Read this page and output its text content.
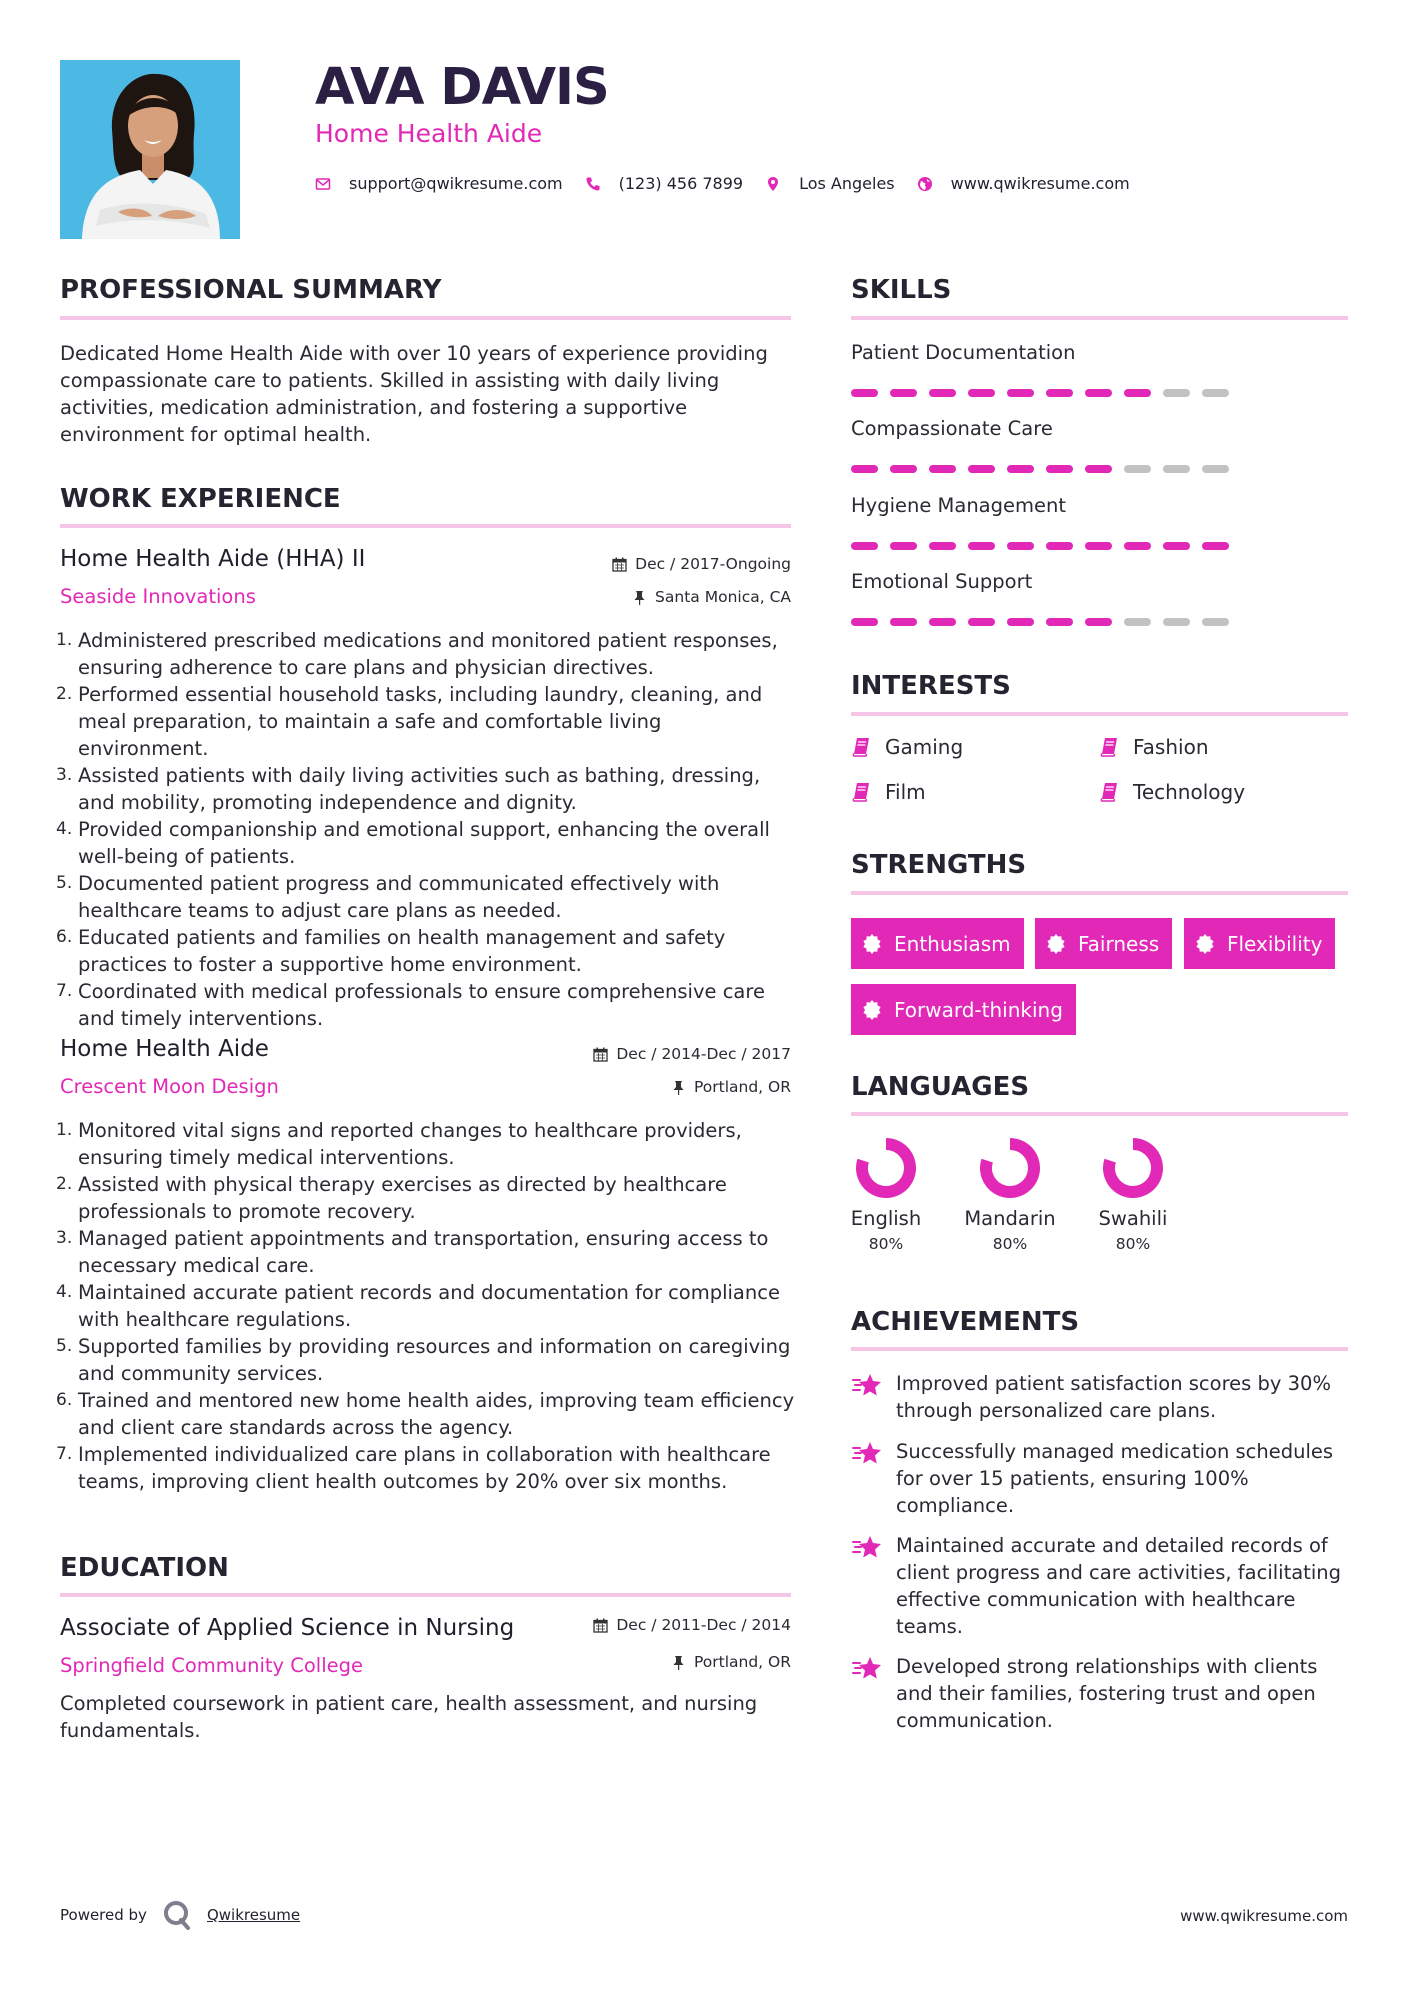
AVA DAVIS
Home Health Aide
support@qwikresume.com	(123) 456 7899	Los Angeles	www.qwikresume.com
PROFESSIONAL SUMMARY
Dedicated Home Health Aide with over 10 years of experience providing compassionate care to patients. Skilled in assisting with daily living activities, medication administration, and fostering a supportive environment for optimal health.
WORK EXPERIENCE
Home Health Aide (HHA) II	Dec / 2017-Ongoing
Seaside Innovations	Santa Monica, CA
1. Administered prescribed medications and monitored patient responses, ensuring adherence to care plans and physician directives.
2. Performed essential household tasks, including laundry, cleaning, and meal preparation, to maintain a safe and comfortable living environment.
3. Assisted patients with daily living activities such as bathing, dressing, and mobility, promoting independence and dignity.
4. Provided companionship and emotional support, enhancing the overall well-being of patients.
5. Documented patient progress and communicated effectively with healthcare teams to adjust care plans as needed.
6. Educated patients and families on health management and safety practices to foster a supportive home environment.
7. Coordinated with medical professionals to ensure comprehensive care and timely interventions.
Home Health Aide	Dec / 2014-Dec / 2017
Crescent Moon Design	Portland, OR
1. Monitored vital signs and reported changes to healthcare providers, ensuring timely medical interventions.
2. Assisted with physical therapy exercises as directed by healthcare professionals to promote recovery.
3. Managed patient appointments and transportation, ensuring access to necessary medical care.
4. Maintained accurate patient records and documentation for compliance with healthcare regulations.
5. Supported families by providing resources and information on caregiving and community services.
6. Trained and mentored new home health aides, improving team efficiency and client care standards across the agency.
7. Implemented individualized care plans in collaboration with healthcare teams, improving client health outcomes by 20% over six months.
EDUCATION
Associate of Applied Science in Nursing	Dec / 2011-Dec / 2014
Springfield Community College	Portland, OR
Completed coursework in patient care, health assessment, and nursing fundamentals.
SKILLS
Patient Documentation
Compassionate Care
Hygiene Management
Emotional Support
INTERESTS
Gaming	Fashion
Film	Technology
STRENGTHS
Enthusiasm	Fairness	Flexibility
Forward-thinking
LANGUAGES
English
80%
Mandarin
80%
Swahili
80%
ACHIEVEMENTS
Improved patient satisfaction scores by 30% through personalized care plans.
Successfully managed medication schedules for over 15 patients, ensuring 100% compliance.
Maintained accurate and detailed records of client progress and care activities, facilitating effective communication with healthcare teams.
Developed strong relationships with clients and their families, fostering trust and open communication.
Powered by	Qwikresume	www.qwikresume.com
